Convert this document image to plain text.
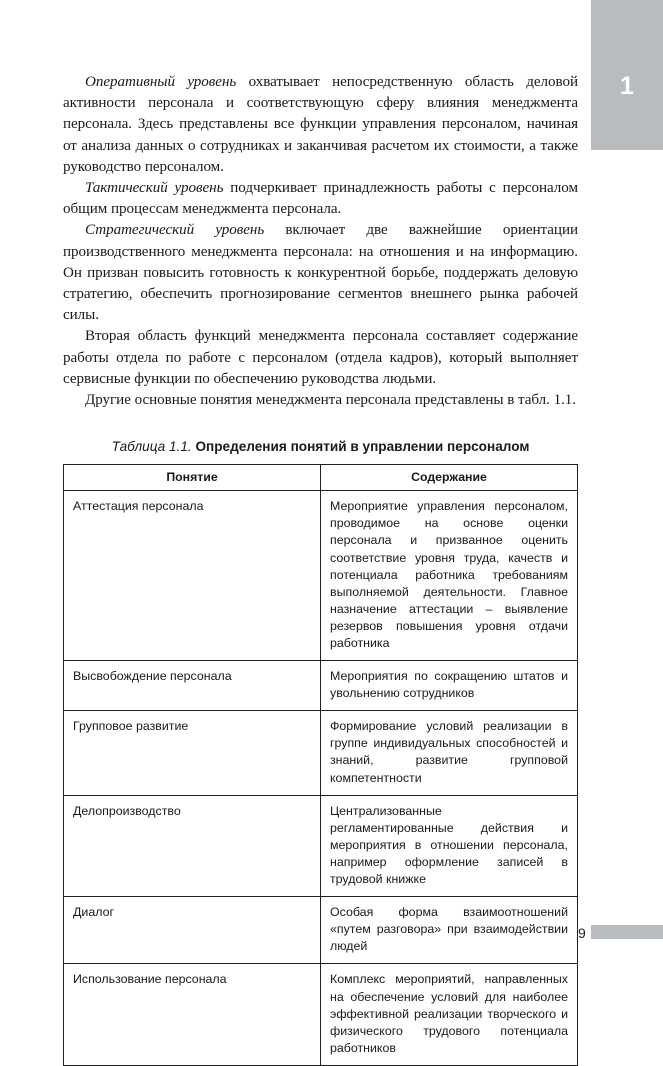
1

Оперативный уровень охватывает непосредственную область деловой активности персонала и соответствующую сферу влияния менеджмента персонала. Здесь представлены все функции управления персоналом, начиная от анализа данных о сотрудниках и заканчивая расчетом их стоимости, а также руководство персоналом.

Тактический уровень подчеркивает принадлежность работы с персоналом общим процессам менеджмента персонала.

Стратегический уровень включает две важнейшие ориентации производственного менеджмента персонала: на отношения и на информацию. Он призван повысить готовность к конкурентной борьбе, поддержать деловую стратегию, обеспечить прогнозирование сегментов внешнего рынка рабочей силы.

Вторая область функций менеджмента персонала составляет содержание работы отдела по работе с персоналом (отдела кадров), который выполняет сервисные функции по обеспечению руководства людьми.

Другие основные понятия менеджмента персонала представлены в табл. 1.1.

Таблица 1.1. Определения понятий в управлении персоналом
Понятие	Содержание
Аттестация персонала	Мероприятие управления персоналом, проводимое на основе оценки персонала и призванное оценить соответствие уровня труда, качеств и потенциала работника требованиям выполняемой деятельности. Главное назначение аттестации – выявление резервов повышения уровня отдачи работника
Высвобождение персонала	Мероприятия по сокращению штатов и увольнению сотрудников
Групповое развитие	Формирование условий реализации в группе индивидуальных способностей и знаний, развитие групповой компетентности
Делопроизводство	Централизованные регламентированные действия и мероприятия в отношении персонала, например оформление записей в трудовой книжке
Диалог	Особая форма взаимоотношений «путем разговора» при взаимодействии людей
Использование персонала	Комплекс мероприятий, направленных на обеспечение условий для наиболее эффективной реализации творческого и физического трудового потенциала работников
9
